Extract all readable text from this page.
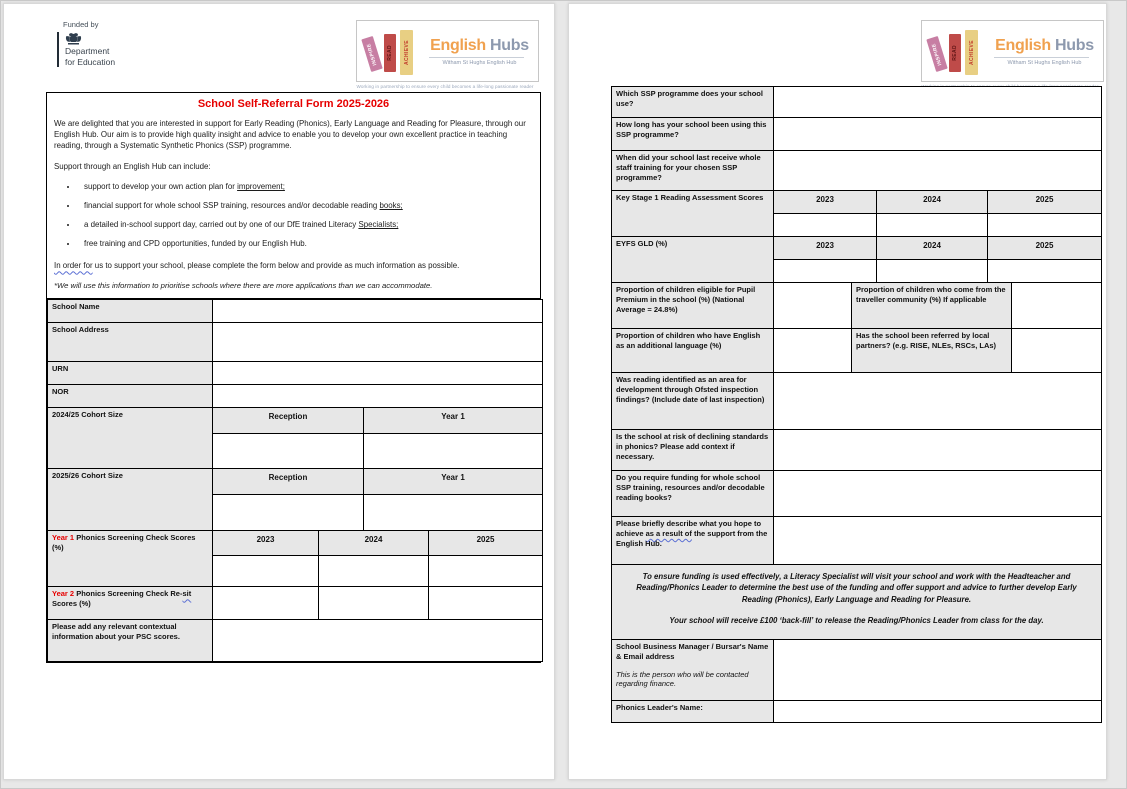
Funded by
Department
for Education	INSPIRE READ ACHIEVE English Hubs
Witham St Hughs English Hub
Working in partnership to ensure every child becomes a life-long passionate reader
School Self-Referral Form 2025-2026
We are delighted that you are interested in support for Early Reading (Phonics), Early Language and Reading for Pleasure, through our English Hub. Our aim is to provide high quality insight and advice to enable you to develop your own excellent practice in teaching reading, through a Systematic Synthetic Phonics (SSP) programme.
Support through an English Hub can include:
• support to develop your own action plan for improvement;
• financial support for whole school SSP training, resources and/or decodable reading books;
• a detailed in-school support day, carried out by one of our DfE trained Literacy Specialists;
• free training and CPD opportunities, funded by our English Hub.
In order for us to support your school, please complete the form below and provide as much information as possible.
*We will use this information to prioritise schools where there are more applications than we can accommodate.
School Name				
School Address				
URN				
NOR				
2024/25 Cohort Size	Reception		Year 1	

2025/26 Cohort Size	Reception		Year 1	

Year 1 Phonics Screening Check Scores (%)	2023	2024		2025

Year 2 Phonics Screening Check Re-sit Scores (%)				
Please add any relevant contextual information about your PSC scores.				
INSPIRE READ ACHIEVE English Hubs
Witham St Hughs English Hub
Which SSP programme does your school use?					
How long has your school been using this SSP programme?					
When did your school last receive whole staff training for your chosen SSP programme?					
Key Stage 1 Reading Assessment Scores	2023		2024	2025	

EYFS GLD (%)	2023		2024	2025	

Proportion of children eligible for Pupil Premium in the school (%) (National Average = 24.8%)		Proportion of children who come from the traveller community (%) If applicable			
Proportion of children who have English as an additional language (%)		Has the school been referred by local partners? (e.g. RISE, NLEs, RSCs, LAs)			
Was reading identified as an area for development through Ofsted inspection findings? (Include date of last inspection)					
Is the school at risk of declining standards in phonics? Please add context if necessary.					
Do you require funding for whole school SSP training, resources and/or decodable reading books?					
Please briefly describe what you hope to achieve as a result of the support from the English Hub.					
To ensure funding is used effectively, a Literacy Specialist will visit your school and work with the Headteacher and Reading/Phonics Leader to determine the best use of the funding and offer support and advice to further develop Early Reading (Phonics), Early Language and Reading for Pleasure.
Your school will receive £100 ‘back-fill’ to release the Reading/Phonics Leader from class for the day.					

School Business Manager / Bursar's Name & Email address
This is the person who will be contacted regarding finance.					

Phonics Leader's Name:					
